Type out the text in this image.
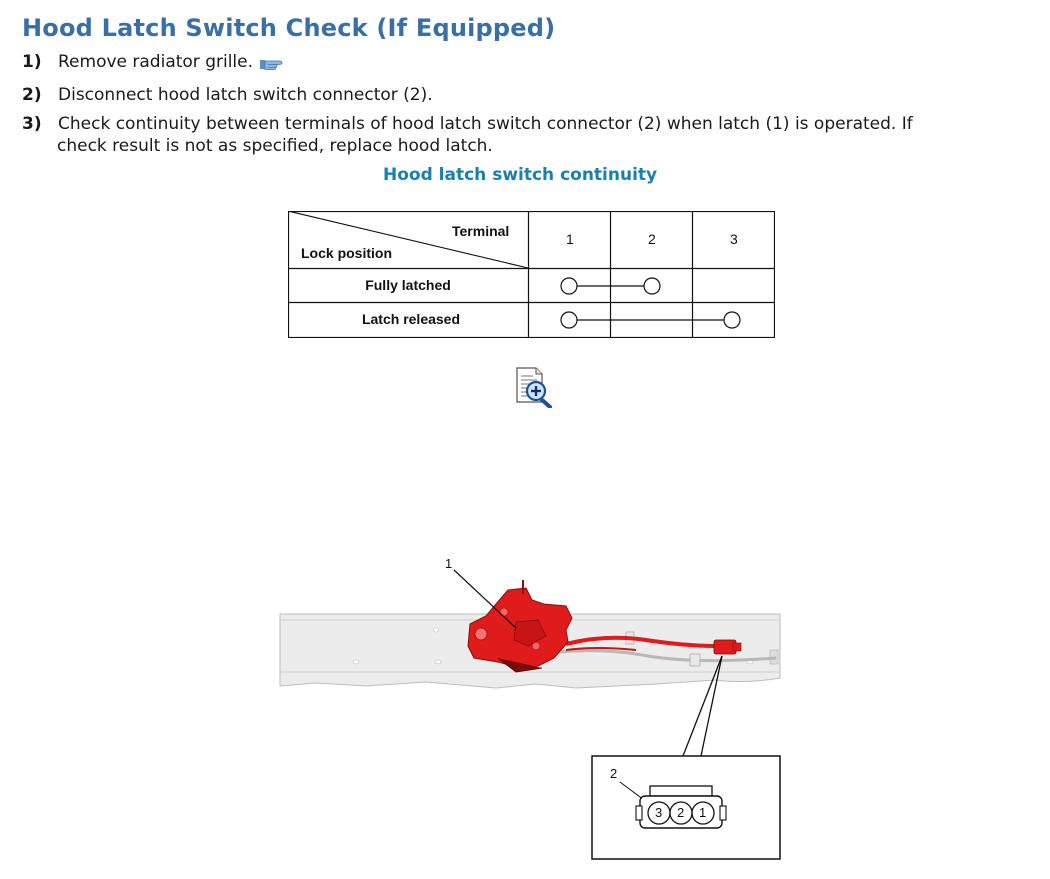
Hood Latch Switch Check (If Equipped)
1) Remove radiator grille.
2) Disconnect hood latch switch connector (2).
3) Check continuity between terminals of hood latch switch connector (2) when latch (1) is operated. If
check result is not as specified, replace hood latch.
Hood latch switch continuity
Terminal
Lock position
1	2	3
Fully latched
Latch released
1
2
3 2 1
